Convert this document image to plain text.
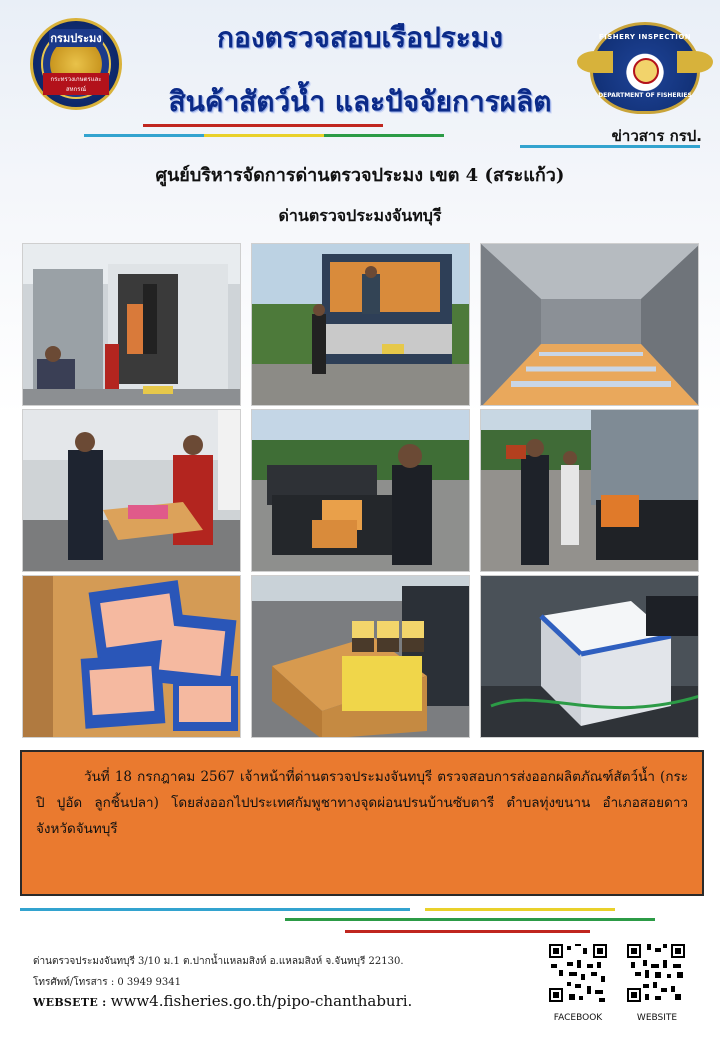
กรมประมง
กระทรวงเกษตรและสหกรณ์
กองตรวจสอบเรือประมง
สินค้าสัตว์น้ำ และปัจจัยการผลิต
FISHERY INSPECTION
DEPARTMENT OF FISHERIES
ข่าวสาร กรป.
ศูนย์บริหารจัดการด่านตรวจประมง เขต 4 (สระแก้ว)
ด่านตรวจประมงจันทบุรี

วันที่ 18 กรกฎาคม 2567 เจ้าหน้าที่ด่านตรวจประมงจันทบุรี ตรวจสอบการส่งออกผลิตภัณฑ์สัตว์น้ำ (กระปิ ปูอัด ลูกชิ้นปลา) โดยส่งออกไปประเทศกัมพูชาทางจุดผ่อนปรนบ้านซับตารี ตำบลทุ่งขนาน อำเภอสอยดาว จังหวัดจันทบุรี

ด่านตรวจประมงจันทบุรี 3/10 ม.1 ต.ปากน้ำแหลมสิงห์ อ.แหลมสิงห์ จ.จันทบุรี 22130.
โทรศัพท์/โทรสาร : 0 3949 9341
WEBSETE : www4.fisheries.go.th/pipo-chanthaburi.
FACEBOOK	WEBSITE
